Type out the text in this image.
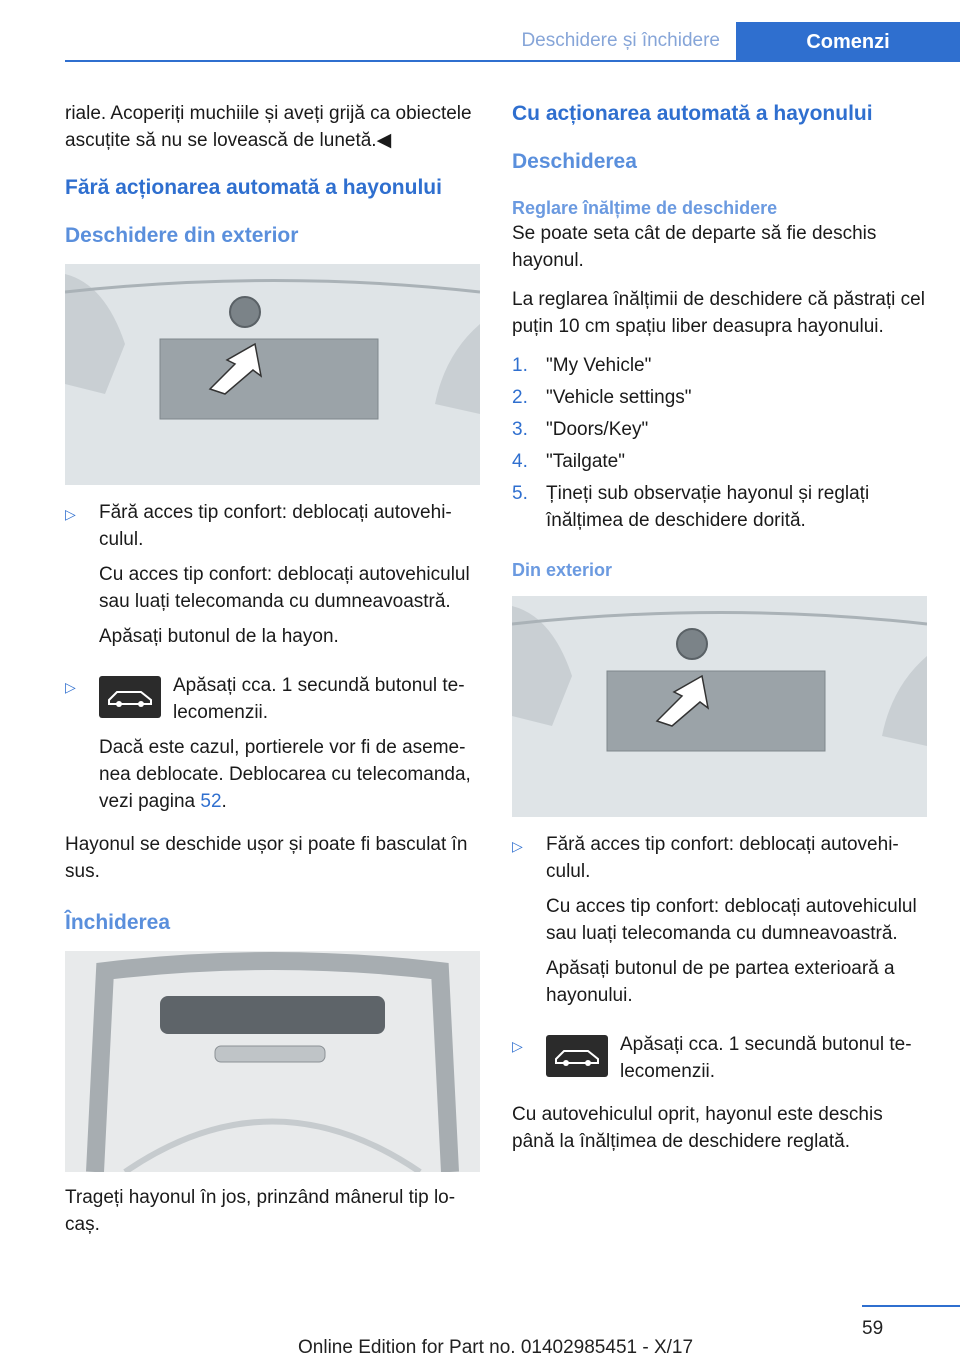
Deschidere și închidere	Comenzi

riale. Acoperiți muchiile și aveți grijă ca obiectele ascuțite să nu se lovească de lunetă.◀

Fără acționarea automată a hayonului
Deschidere din exterior
▷	Fără acces tip confort: deblocați autovehiculul.

Cu acces tip confort: deblocați autovehiculul sau luați telecomanda cu dumneavoastră.

Apăsați butonul de la hayon.

▷	Apăsați cca. 1 secundă butonul telecomenzii.

Dacă este cazul, portierele vor fi de asemenea deblocate. Deblocarea cu telecomanda, vezi pagina 52.

Hayonul se deschide ușor și poate fi basculat în sus.

Închiderea

Trageți hayonul în jos, prinzând mânerul tip locaș.

Cu acționarea automată a hayonului
Deschiderea
Reglare înălțime de deschidere

Se poate seta cât de departe să fie deschis hayonul.

La reglarea înălțimii de deschidere că păstrați cel puțin 10 cm spațiu liber deasupra hayonului.

1. "My Vehicle"
2. "Vehicle settings"
3. "Doors/Key"
4. "Tailgate"
5. Țineți sub observație hayonul și reglați înălțimea de deschidere dorită.
Din exterior
▷	Fără acces tip confort: deblocați autovehiculul.

Cu acces tip confort: deblocați autovehiculul sau luați telecomanda cu dumneavoastră.

Apăsați butonul de pe partea exterioară a hayonului.

▷	Apăsați cca. 1 secundă butonul telecomenzii.

Cu autovehiculul oprit, hayonul este deschis până la înălțimea de deschidere reglată.

59
Online Edition for Part no. 01402985451 - X/17
